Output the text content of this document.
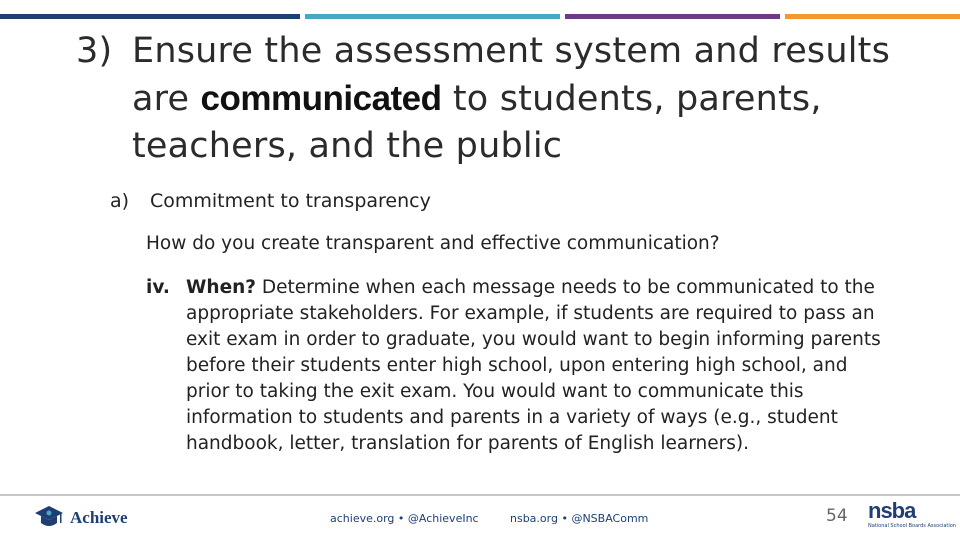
3) Ensure the assessment system and results are communicated to students, parents, teachers, and the public
a) Commitment to transparency
How do you create transparent and effective communication?
iv. When? Determine when each message needs to be communicated to the appropriate stakeholders. For example, if students are required to pass an exit exam in order to graduate, you would want to begin informing parents before their students enter high school, upon entering high school, and prior to taking the exit exam. You would want to communicate this information to students and parents in a variety of ways (e.g., student handbook, letter, translation for parents of English learners).
Achieve	achieve.org • @AchieveInc	nsba.org • @NSBAComm	54 nsba
National School Boards Association
